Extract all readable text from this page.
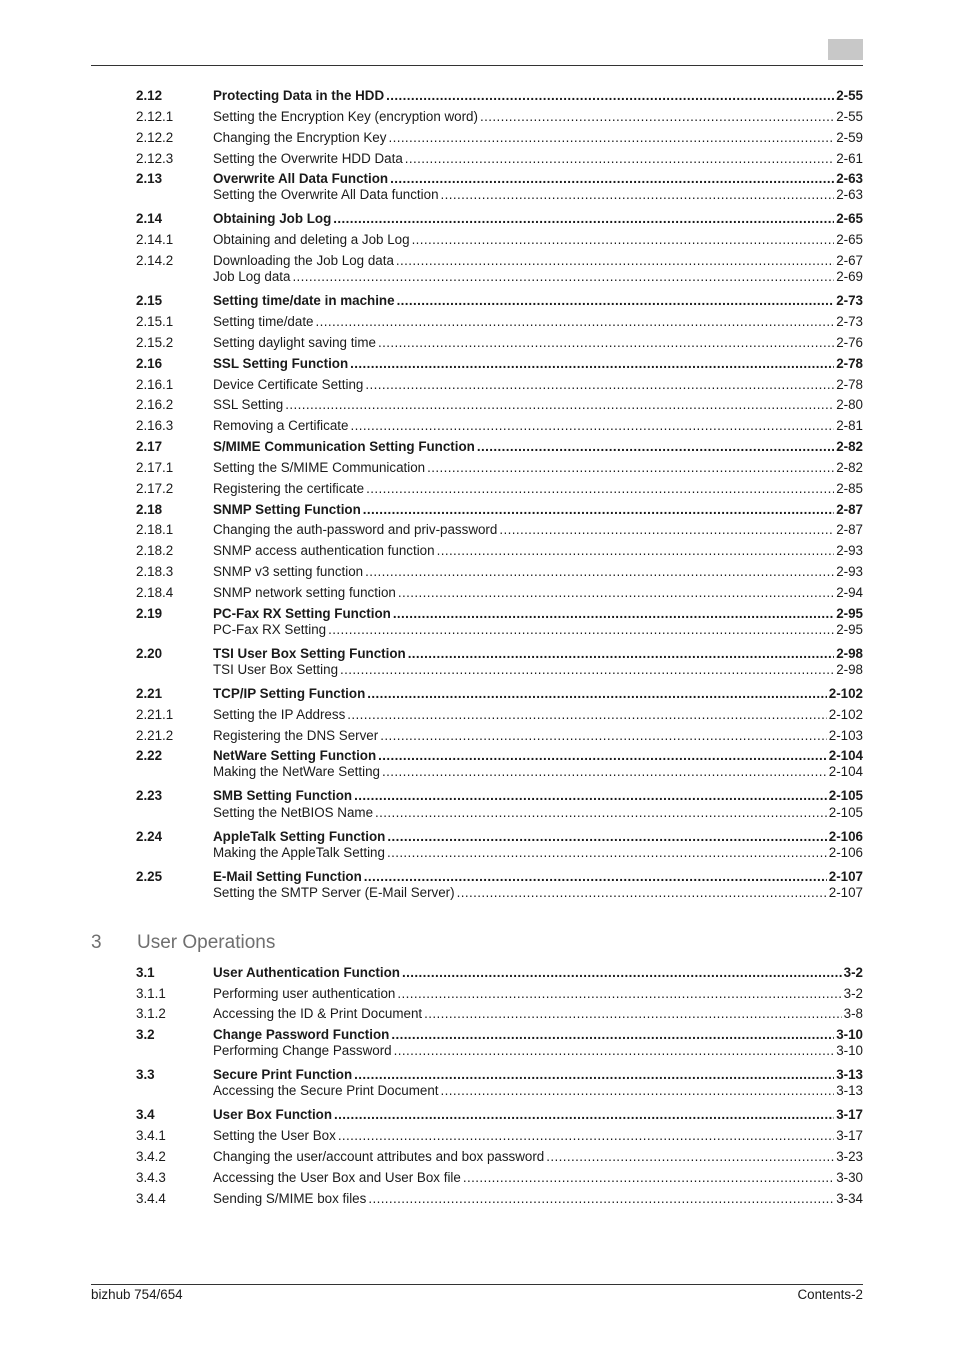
2.12	Protecting Data in the HDD .....	2-55
2.12.1	Setting the Encryption Key (encryption word) .....	2-55
2.12.2	Changing the Encryption Key .....	2-59
2.12.3	Setting the Overwrite HDD Data .....	2-61
2.13	Overwrite All Data Function .....	2-63
Setting the Overwrite All Data function .....	2-63
2.14	Obtaining Job Log .....	2-65
2.14.1	Obtaining and deleting a Job Log .....	2-65
2.14.2	Downloading the Job Log data .....	2-67
Job Log data .....	2-69
2.15	Setting time/date in machine .....	2-73
2.15.1	Setting time/date .....	2-73
2.15.2	Setting daylight saving time .....	2-76
2.16	SSL Setting Function .....	2-78
2.16.1	Device Certificate Setting .....	2-78
2.16.2	SSL Setting .....	2-80
2.16.3	Removing a Certificate .....	2-81
2.17	S/MIME Communication Setting Function .....	2-82
2.17.1	Setting the S/MIME Communication .....	2-82
2.17.2	Registering the certificate .....	2-85
2.18	SNMP Setting Function .....	2-87
2.18.1	Changing the auth-password and priv-password .....	2-87
2.18.2	SNMP access authentication function .....	2-93
2.18.3	SNMP v3 setting function .....	2-93
2.18.4	SNMP network setting function .....	2-94
2.19	PC-Fax RX Setting Function .....	2-95
PC-Fax RX Setting .....	2-95
2.20	TSI User Box Setting Function .....	2-98
TSI User Box Setting .....	2-98
2.21	TCP/IP Setting Function .....	2-102
2.21.1	Setting the IP Address .....	2-102
2.21.2	Registering the DNS Server .....	2-103
2.22	NetWare Setting Function .....	2-104
Making the NetWare Setting .....	2-104
2.23	SMB Setting Function .....	2-105
Setting the NetBIOS Name .....	2-105
2.24	AppleTalk Setting Function .....	2-106
Making the AppleTalk Setting .....	2-106
2.25	E-Mail Setting Function .....	2-107
Setting the SMTP Server (E-Mail Server) .....	2-107
3.1	User Authentication Function .....	3-2
3.1.1	Performing user authentication .....	3-2
3.1.2	Accessing the ID & Print Document .....	3-8
3.2	Change Password Function .....	3-10
Performing Change Password .....	3-10
3.3	Secure Print Function .....	3-13
Accessing the Secure Print Document .....	3-13
3.4	User Box Function .....	3-17
3.4.1	Setting the User Box .....	3-17
3.4.2	Changing the user/account attributes and box password .....	3-23
3.4.3	Accessing the User Box and User Box file .....	3-30
3.4.4	Sending S/MIME box files .....	3-34
3 User Operations
bizhub 754/654	Contents-2
